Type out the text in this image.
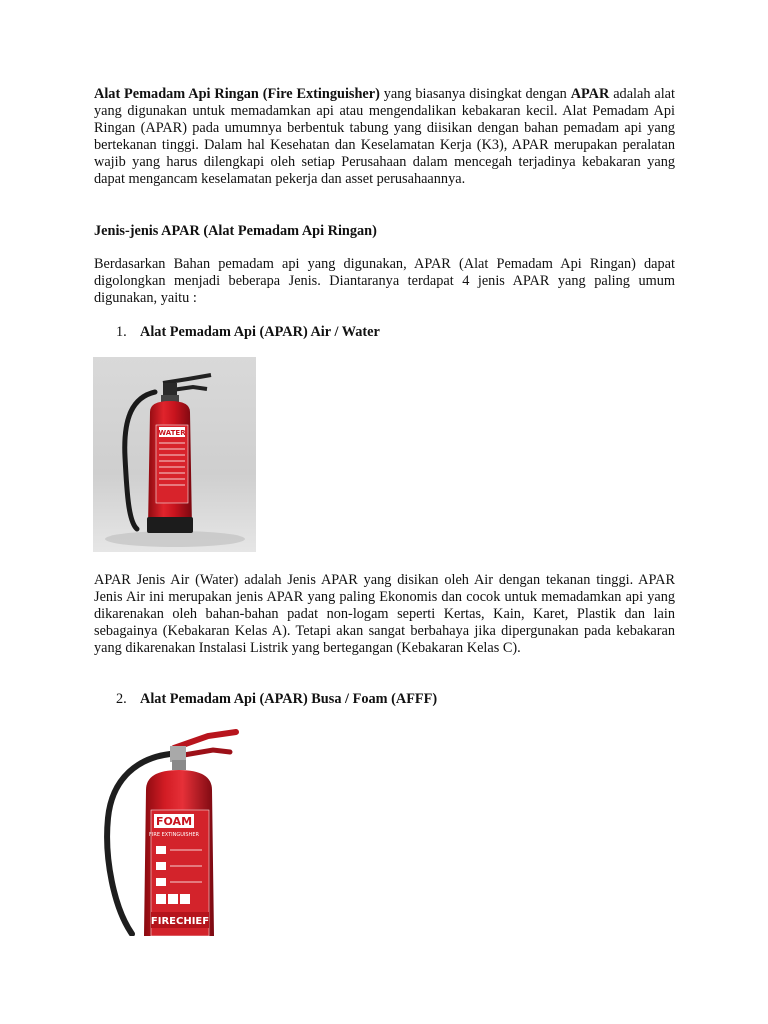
Alat Pemadam Api Ringan (Fire Extinguisher) yang biasanya disingkat dengan APAR adalah alat yang digunakan untuk memadamkan api atau mengendalikan kebakaran kecil. Alat Pemadam Api Ringan (APAR) pada umumnya berbentuk tabung yang diisikan dengan bahan pemadam api yang bertekanan tinggi. Dalam hal Kesehatan dan Keselamatan Kerja (K3), APAR merupakan peralatan wajib yang harus dilengkapi oleh setiap Perusahaan dalam mencegah terjadinya kebakaran yang dapat mengancam keselamatan pekerja dan asset perusahaannya.

Jenis-jenis APAR (Alat Pemadam Api Ringan)

Berdasarkan Bahan pemadam api yang digunakan, APAR (Alat Pemadam Api Ringan) dapat digolongkan menjadi beberapa Jenis. Diantaranya terdapat 4 jenis APAR yang paling umum digunakan, yaitu :

1. Alat Pemadam Api (APAR) Air / Water

APAR Jenis Air (Water) adalah Jenis APAR yang disikan oleh Air dengan tekanan tinggi. APAR Jenis Air ini merupakan jenis APAR yang paling Ekonomis dan cocok untuk memadamkan api yang dikarenakan oleh bahan-bahan padat non-logam seperti Kertas, Kain, Karet, Plastik dan lain sebagainya (Kebakaran Kelas A). Tetapi akan sangat berbahaya jika dipergunakan pada kebakaran yang dikarenakan Instalasi Listrik yang bertegangan (Kebakaran Kelas C).

2. Alat Pemadam Api (APAR) Busa / Foam (AFFF)

WATER
FOAM
FIRE EXTINGUISHER
FIRECHIEF
